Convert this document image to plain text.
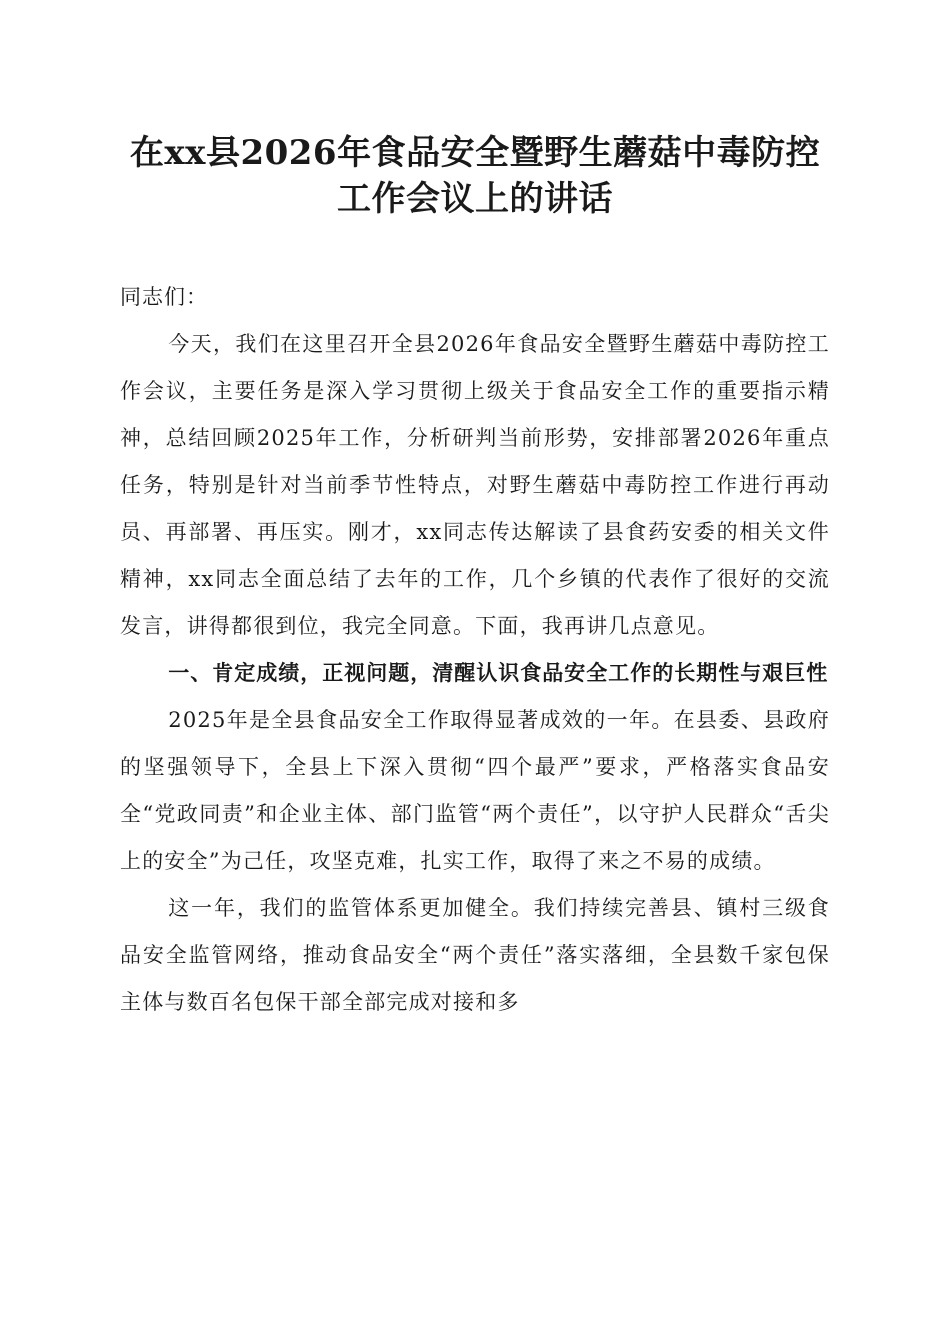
在xx县2026年食品安全暨野生蘑菇中毒防控
工作会议上的讲话

同志们：

今天，我们在这里召开全县2026年食品安全暨野生蘑菇中毒防控工作会议，主要任务是深入学习贯彻上级关于食品安全工作的重要指示精神，总结回顾2025年工作，分析研判当前形势，安排部署2026年重点任务，特别是针对当前季节性特点，对野生蘑菇中毒防控工作进行再动员、再部署、再压实。刚才，xx同志传达解读了县食药安委的相关文件精神，xx同志全面总结了去年的工作，几个乡镇的代表作了很好的交流发言，讲得都很到位，我完全同意。下面，我再讲几点意见。

一、肯定成绩，正视问题，清醒认识食品安全工作的长期性与艰巨性

2025年是全县食品安全工作取得显著成效的一年。在县委、县政府的坚强领导下，全县上下深入贯彻“四个最严”要求，严格落实食品安全“党政同责”和企业主体、部门监管“两个责任”，以守护人民群众“舌尖上的安全”为己任，攻坚克难，扎实工作，取得了来之不易的成绩。

这一年，我们的监管体系更加健全。我们持续完善县、镇村三级食品安全监管网络，推动食品安全“两个责任”落实落细，全县数千家包保主体与数百名包保干部全部完成对接和多
